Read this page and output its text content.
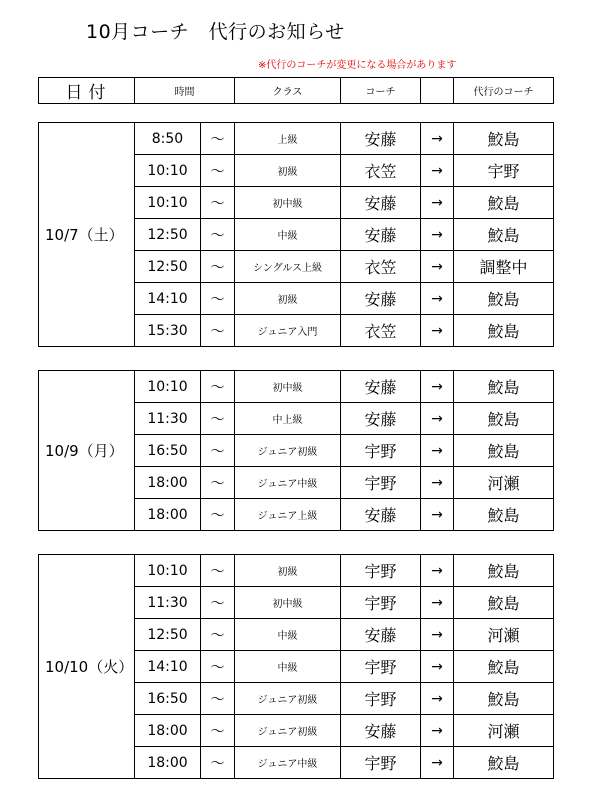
10月コーチ　代行のお知らせ
※代行のコーチが変更になる場合があります
日付	時間	クラス	コーチ		代行のコーチ
10/7（土）	8:50	～	上級	安藤	→	鮫島
	10:10	～	初級	衣笠	→	宇野
	10:10	～	初中級	安藤	→	鮫島
	12:50	～	中級	安藤	→	鮫島
	12:50	～	シングルス上級	衣笠	→	調整中
	14:10	～	初級	安藤	→	鮫島
	15:30	～	ジュニア入門	衣笠	→	鮫島
10/9（月）	10:10	～	初中級	安藤	→	鮫島
	11:30	～	中上級	安藤	→	鮫島
	16:50	～	ジュニア初級	宇野	→	鮫島
	18:00	～	ジュニア中級	宇野	→	河瀬
	18:00	～	ジュニア上級	安藤	→	鮫島
10/10（火）	10:10	～	初級	宇野	→	鮫島
	11:30	～	初中級	宇野	→	鮫島
	12:50	～	中級	安藤	→	河瀬
	14:10	～	中級	宇野	→	鮫島
	16:50	～	ジュニア初級	宇野	→	鮫島
	18:00	～	ジュニア初級	安藤	→	河瀬
	18:00	～	ジュニア中級	宇野	→	鮫島
